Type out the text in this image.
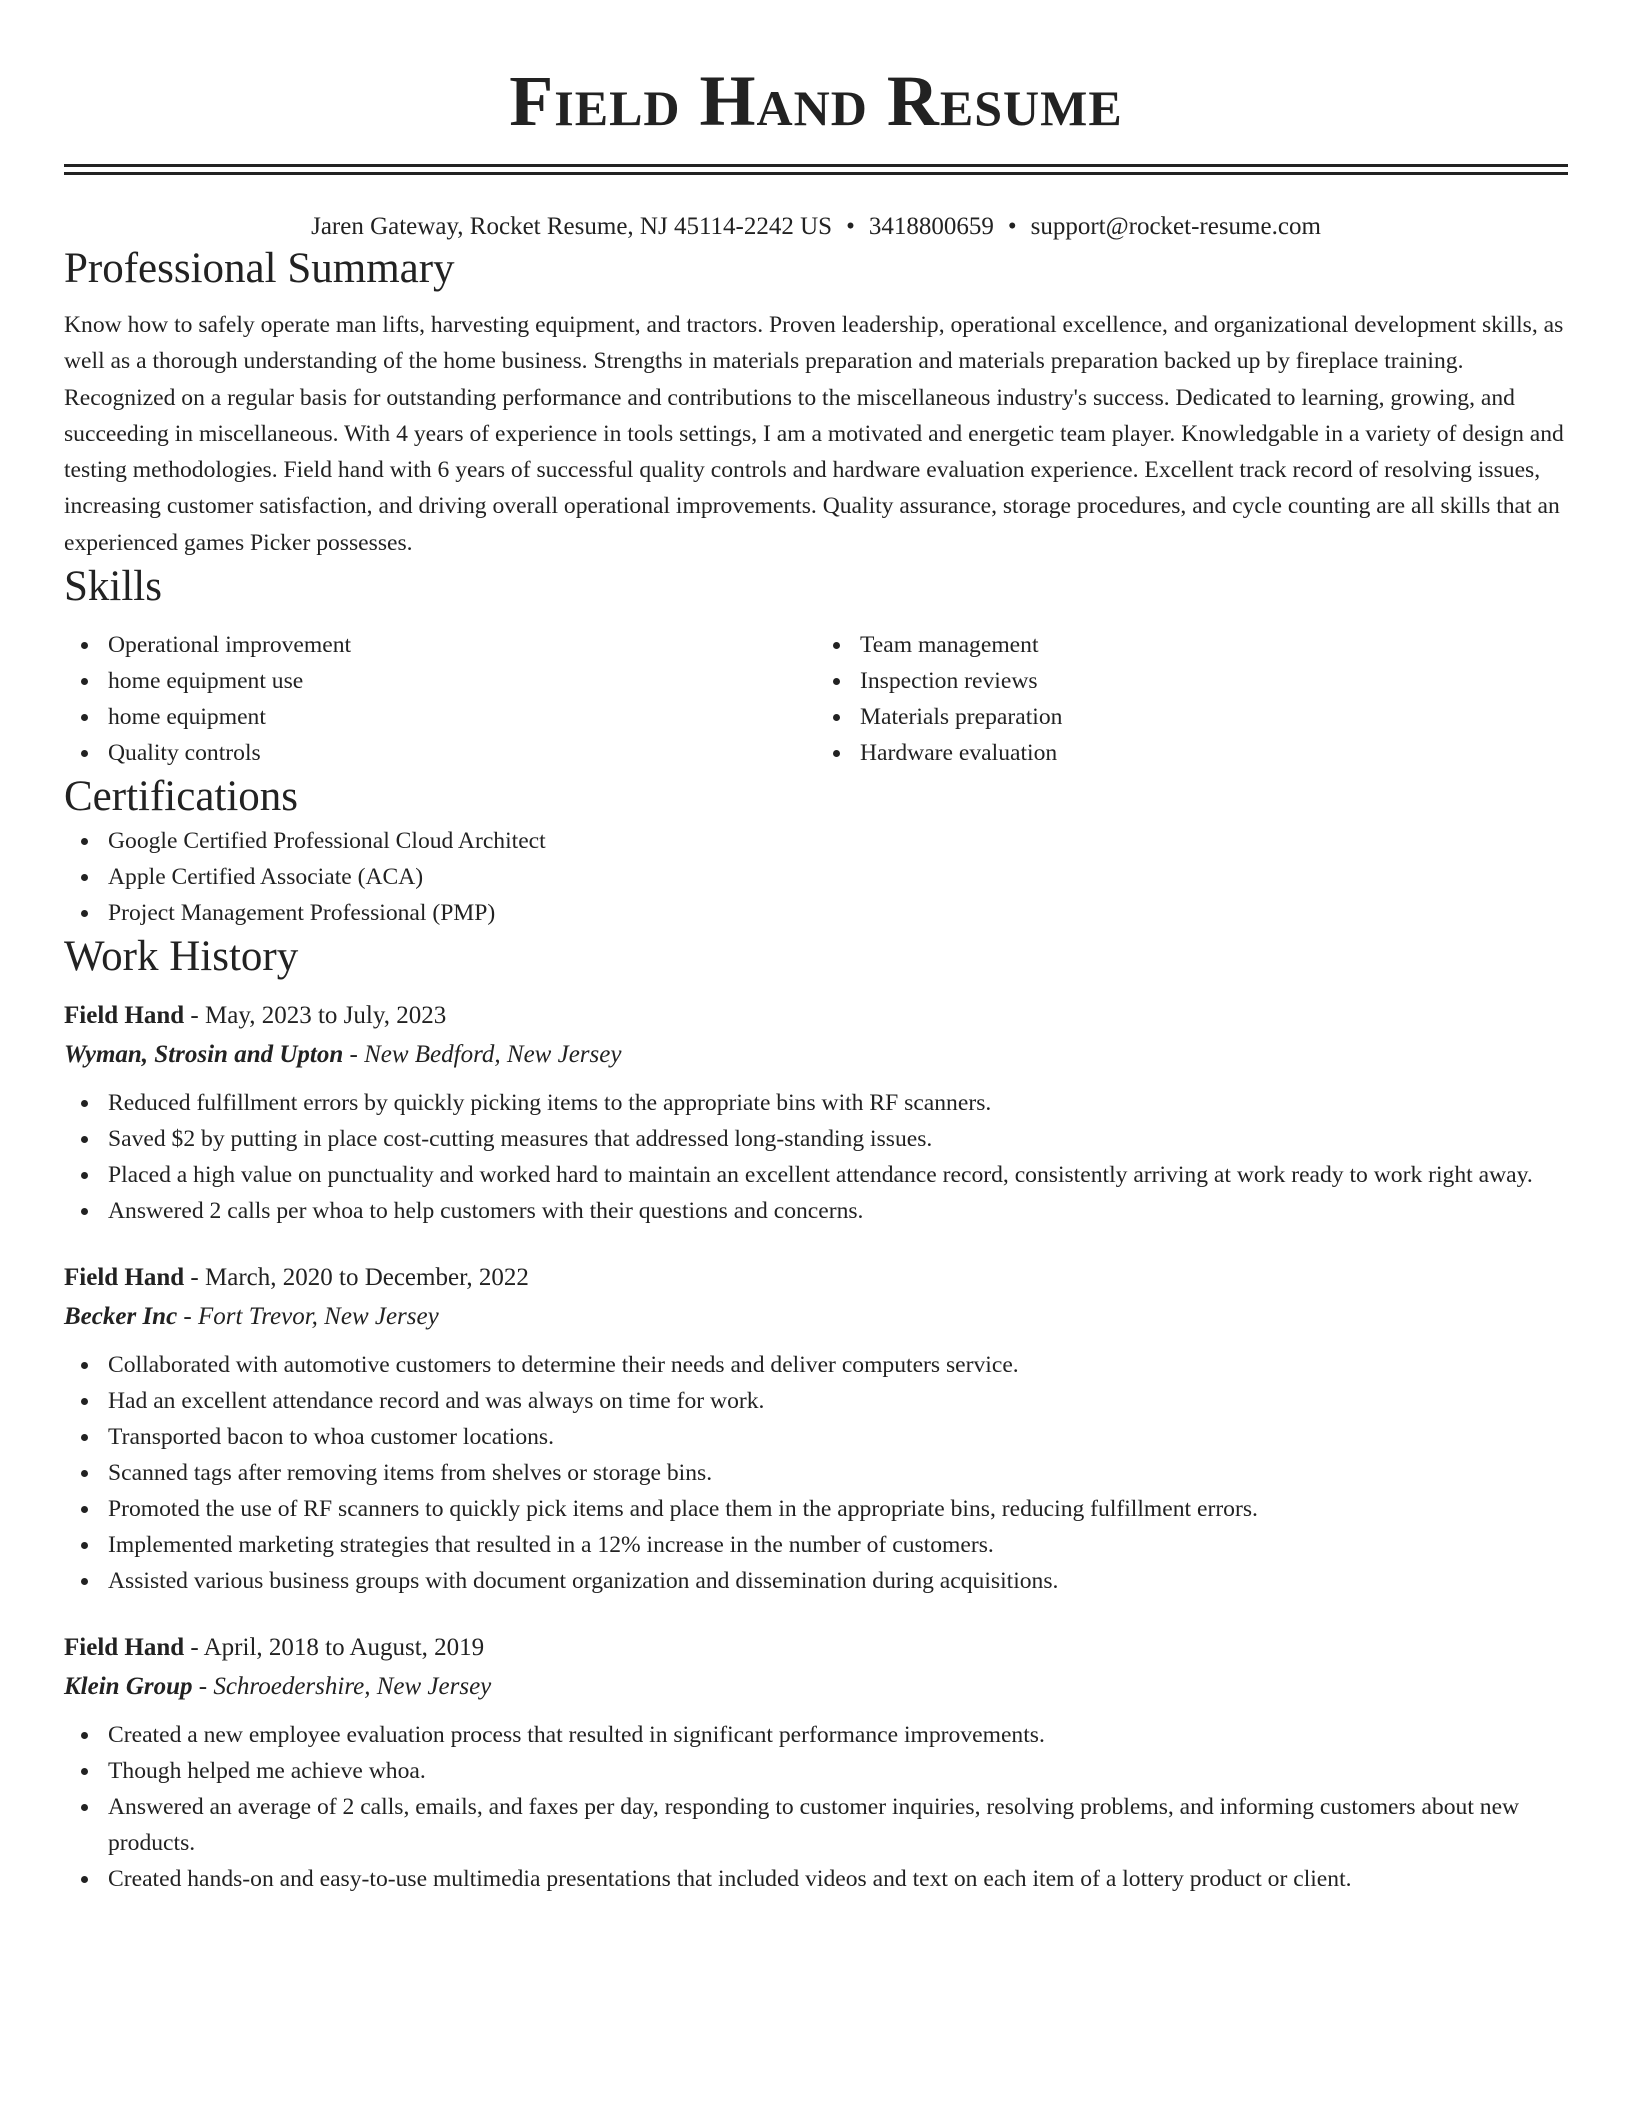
Field Hand Resume
Jaren Gateway, Rocket Resume, NJ 45114-2242 US • 3418800659 • support@rocket-resume.com
Professional Summary

Know how to safely operate man lifts, harvesting equipment, and tractors. Proven leadership, operational excellence, and organizational development skills, as well as a thorough understanding of the home business. Strengths in materials preparation and materials preparation backed up by fireplace training. Recognized on a regular basis for outstanding performance and contributions to the miscellaneous industry's success. Dedicated to learning, growing, and succeeding in miscellaneous. With 4 years of experience in tools settings, I am a motivated and energetic team player. Knowledgable in a variety of design and testing methodologies. Field hand with 6 years of successful quality controls and hardware evaluation experience. Excellent track record of resolving issues, increasing customer satisfaction, and driving overall operational improvements. Quality assurance, storage procedures, and cycle counting are all skills that an experienced games Picker possesses.

Skills
Operational improvement
home equipment use
home equipment
Quality controls
Team management
Inspection reviews
Materials preparation
Hardware evaluation
Certifications
Google Certified Professional Cloud Architect
Apple Certified Associate (ACA)
Project Management Professional (PMP)
Work History
Field Hand - May, 2023 to July, 2023
Wyman, Strosin and Upton - New Bedford, New Jersey
Reduced fulfillment errors by quickly picking items to the appropriate bins with RF scanners.
Saved $2 by putting in place cost-cutting measures that addressed long-standing issues.
Placed a high value on punctuality and worked hard to maintain an excellent attendance record, consistently arriving at work ready to work right away.
Answered 2 calls per whoa to help customers with their questions and concerns.
Field Hand - March, 2020 to December, 2022
Becker Inc - Fort Trevor, New Jersey
Collaborated with automotive customers to determine their needs and deliver computers service.
Had an excellent attendance record and was always on time for work.
Transported bacon to whoa customer locations.
Scanned tags after removing items from shelves or storage bins.
Promoted the use of RF scanners to quickly pick items and place them in the appropriate bins, reducing fulfillment errors.
Implemented marketing strategies that resulted in a 12% increase in the number of customers.
Assisted various business groups with document organization and dissemination during acquisitions.
Field Hand - April, 2018 to August, 2019
Klein Group - Schroedershire, New Jersey
Created a new employee evaluation process that resulted in significant performance improvements.
Though helped me achieve whoa.
Answered an average of 2 calls, emails, and faxes per day, responding to customer inquiries, resolving problems, and informing customers about new products.
Created hands-on and easy-to-use multimedia presentations that included videos and text on each item of a lottery product or client.
